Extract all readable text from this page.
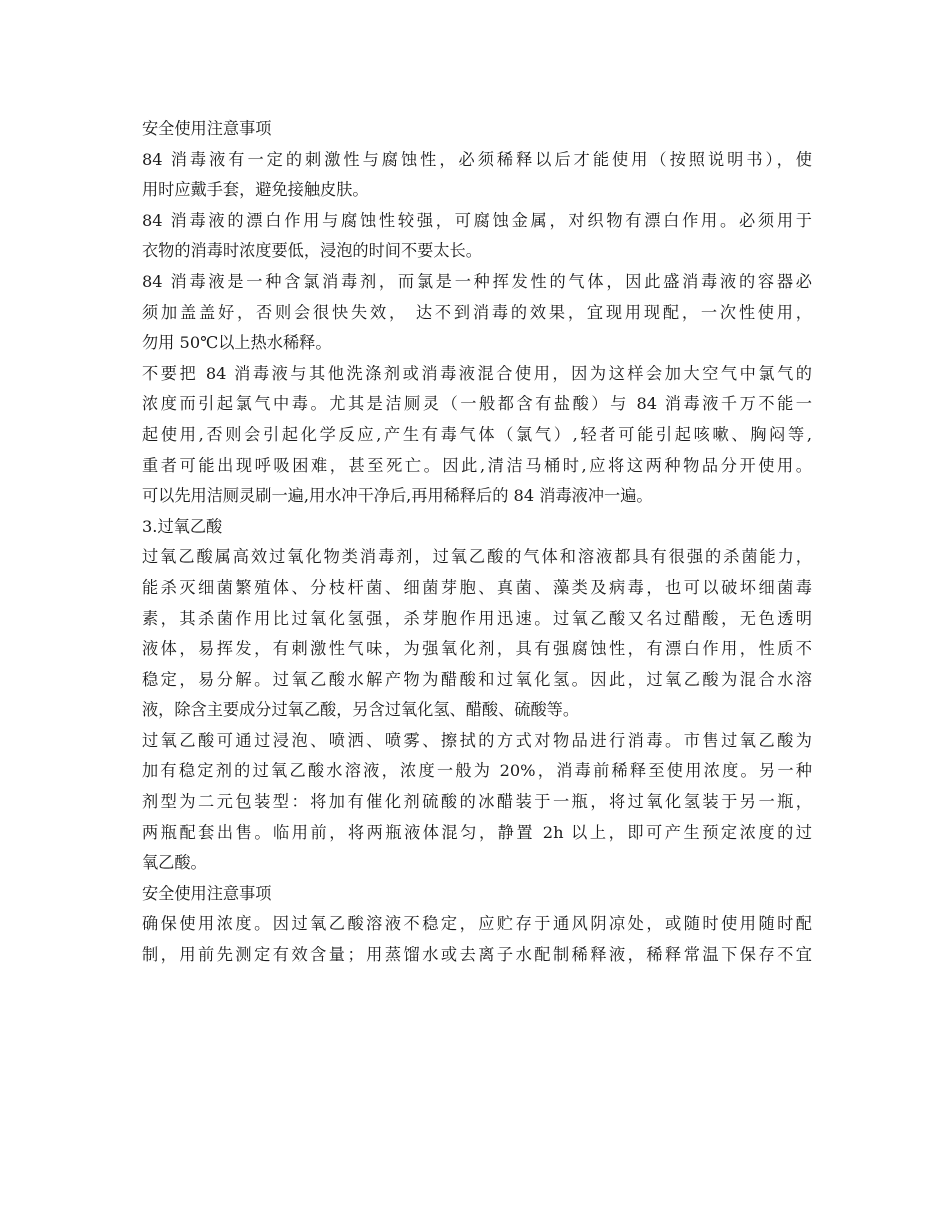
安全使用注意事项
84 消毒液有一定的刺激性与腐蚀性，必须稀释以后才能使用（按照说明书），使
用时应戴手套，避免接触皮肤。
84 消毒液的漂白作用与腐蚀性较强，可腐蚀金属，对织物有漂白作用。必须用于
衣物的消毒时浓度要低，浸泡的时间不要太长。
84 消毒液是一种含氯消毒剂，而氯是一种挥发性的气体，因此盛消毒液的容器必
须加盖盖好，否则会很快失效， 达不到消毒的效果，宜现用现配，一次性使用，
勿用 50℃以上热水稀释。
不要把 84 消毒液与其他洗涤剂或消毒液混合使用，因为这样会加大空气中氯气的
浓度而引起氯气中毒。尤其是洁厕灵（一般都含有盐酸）与 84 消毒液千万不能一
起使用,否则会引起化学反应,产生有毒气体（氯气）,轻者可能引起咳嗽、胸闷等,
重者可能出现呼吸困难，甚至死亡。因此,清洁马桶时,应将这两种物品分开使用。
可以先用洁厕灵刷一遍,用水冲干净后,再用稀释后的 84 消毒液冲一遍。
3.过氧乙酸
过氧乙酸属高效过氧化物类消毒剂，过氧乙酸的气体和溶液都具有很强的杀菌能力，
能杀灭细菌繁殖体、分枝杆菌、细菌芽胞、真菌、藻类及病毒，也可以破坏细菌毒
素，其杀菌作用比过氧化氢强，杀芽胞作用迅速。过氧乙酸又名过醋酸，无色透明
液体，易挥发，有刺激性气味，为强氧化剂，具有强腐蚀性，有漂白作用，性质不
稳定，易分解。过氧乙酸水解产物为醋酸和过氧化氢。因此，过氧乙酸为混合水溶
液，除含主要成分过氧乙酸，另含过氧化氢、醋酸、硫酸等。
过氧乙酸可通过浸泡、喷洒、喷雾、擦拭的方式对物品进行消毒。市售过氧乙酸为
加有稳定剂的过氧乙酸水溶液，浓度一般为 20%，消毒前稀释至使用浓度。另一种
剂型为二元包装型：将加有催化剂硫酸的冰醋装于一瓶，将过氧化氢装于另一瓶，
两瓶配套出售。临用前，将两瓶液体混匀，静置 2h 以上，即可产生预定浓度的过
氧乙酸。
安全使用注意事项
确保使用浓度。因过氧乙酸溶液不稳定，应贮存于通风阴凉处，或随时使用随时配
制，用前先测定有效含量；用蒸馏水或去离子水配制稀释液，稀释常温下保存不宜
